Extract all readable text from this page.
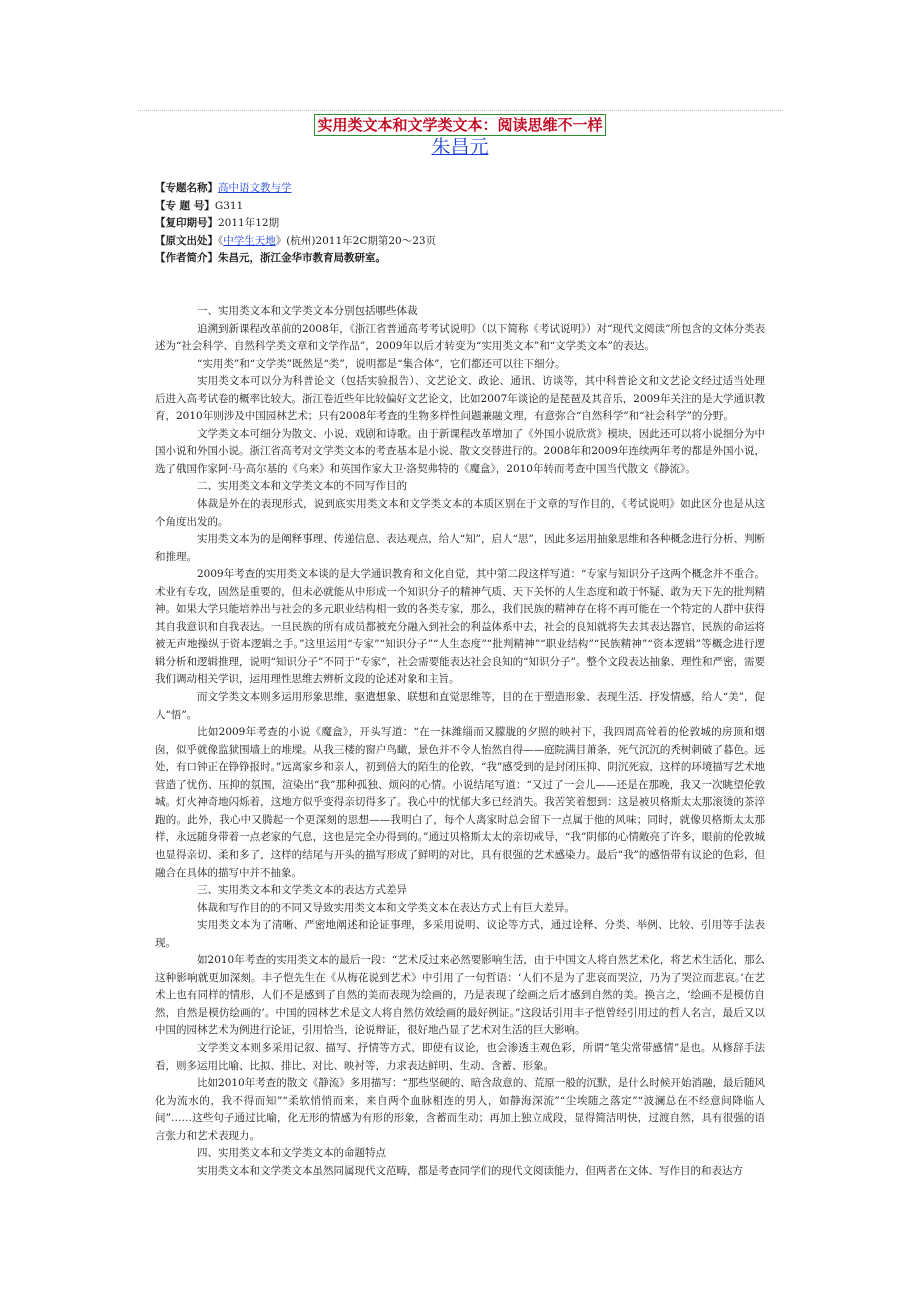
实用类文本和文学类文本：阅读思维不一样
朱昌元
【专题名称】高中语文教与学
【专 题 号】G311
【复印期号】2011年12期
【原文出处】《中学生天地》(杭州)2011年2C期第20～23页
【作者简介】朱昌元，浙江金华市教育局教研室。

一、实用类文本和文学类文本分别包括哪些体裁

追溯到新课程改革前的2008年，《浙江省普通高考考试说明》（以下简称《考试说明》）对“现代文阅读”所包含的文体分类表述为“社会科学、自然科学类文章和文学作品”，2009年以后才转变为“实用类文本”和“文学类文本”的表达。

“实用类”和“文学类”既然是“类”，说明都是“集合体”，它们都还可以往下细分。

实用类文本可以分为科普论文（包括实验报告）、文艺论文、政论、通讯、访谈等，其中科普论文和文艺论文经过适当处理后进入高考试卷的概率比较大。浙江卷近些年比较偏好文艺论文，比如2007年谈论的是琵琶及其音乐，2009年关注的是大学通识教育，2010年则涉及中国园林艺术；只有2008年考查的生物多样性问题兼融文理，有意弥合“自然科学”和“社会科学”的分野。

文学类文本可细分为散文、小说、戏剧和诗歌。由于新课程改革增加了《外国小说欣赏》模块，因此还可以将小说细分为中国小说和外国小说。浙江省高考对文学类文本的考查基本是小说、散文交替进行的。2008年和2009年连续两年考的都是外国小说，选了俄国作家阿·马·高尔基的《乌来》和英国作家大卫·洛契弗特的《魔盒》，2010年转而考查中国当代散文《静流》。

二、实用类文本和文学类文本的不同写作目的

体裁是外在的表现形式，说到底实用类文本和文学类文本的本质区别在于文章的写作目的，《考试说明》如此区分也是从这个角度出发的。

实用类文本为的是阐释事理、传递信息、表达观点，给人“知”，启人“思”，因此多运用抽象思维和各种概念进行分析、判断和推理。

2009年考查的实用类文本谈的是大学通识教育和文化自觉，其中第二段这样写道：“专家与知识分子这两个概念并不重合。术业有专攻，固然是重要的，但未必就能从中形成一个知识分子的精神气质、天下关怀的人生态度和敢于怀疑、敢为天下先的批判精神。如果大学只能培养出与社会的多元职业结构相一致的各类专家，那么，我们民族的精神存在将不再可能在一个特定的人群中获得其自我意识和自我表达。一旦民族的所有成员都被充分融入到社会的利益体系中去，社会的良知就将失去其表达器官，民族的命运将被无声地操纵于资本逻辑之手。”这里运用“专家”“知识分子”“人生态度”“批判精神”“职业结构”“民族精神”“资本逻辑”等概念进行逻辑分析和逻辑推理，说明“知识分子”不同于“专家”，社会需要能表达社会良知的“知识分子”。整个文段表达抽象、理性和严密，需要我们调动相关学识，运用理性思维去辨析文段的论述对象和主旨。

而文学类文本则多运用形象思维，驱遣想象、联想和直觉思维等，目的在于塑造形象、表现生活、抒发情感，给人“美”，促人“悟”。

比如2009年考查的小说《魔盒》，开头写道：“在一抹潍缁而又朦胧的夕照的映衬下，我四周高耸着的伦敦城的房顶和烟囱，似乎就像监狱围墙上的堆墚。从我三楼的窗户鸟瞰，景色并不令人怡然自得——庭院满目萧条，死气沉沉的秃树刺破了暮色。远处，有口钟正在铮铮报时。”远离家乡和亲人，初到倍大的陌生的伦敦，“我”感受到的是封闭压抑、阴沉死寂，这样的环境描写艺术地营造了忧伤、压抑的氛围，渲染出“我”那种孤独、烦闷的心情。小说结尾写道：“又过了一会儿——还是在那晚，我又一次眺望伦敦城。灯火神奇地闪烁着，这地方似乎变得亲切得多了。我心中的忧郁大多已经消失。我苦笑着想到：这是被贝格斯太太那滚烫的茶淬跑的。此外，我心中又腾起一个更深刻的思想——我明白了，每个人离家时总会留下一点属于他的风味；同时，就像贝格斯太太那样，永远随身带着一点老家的气息，这也是完全办得到的。”通过贝格斯太太的亲切戒导，“我”阴郁的心情敞亮了许多，眼前的伦敦城也显得亲切、柔和多了，这样的结尾与开头的描写形成了鲜明的对比，具有很强的艺术感染力。最后“我”的感悟带有议论的色彩，但融合在具体的描写中并不抽象。

三、实用类文本和文学类文本的表达方式差异

体裁和写作目的的不同又导致实用类文本和文学类文本在表达方式上有巨大差异。

实用类文本为了清晰、严密地阐述和论证事理，多采用说明、议论等方式，通过诠释、分类、举例、比较、引用等手法表现。

如2010年考查的实用类文本的最后一段：“艺术反过来必然要影响生活，由于中国文人将自然艺术化，将艺术生活化，那么这种影响就更加深刻。丰子恺先生在《从梅花说到艺术》中引用了一句哲语：‘人们不是为了悲哀而哭泣，乃为了哭泣而悲哀。’在艺术上也有同样的情形，人们不是感到了自然的美而表现为绘画的，乃是表现了绘画之后才感到自然的美。换言之，‘绘画不是模仿自然，自然是模仿绘画的’。中国的园林艺术是文人将自然仿效绘画的最好例证。”这段话引用丰子恺曾经引用过的哲人名言，最后又以中国的园林艺术为例进行论证，引用恰当，论说辩证，很好地凸显了艺术对生活的巨大影响。

文学类文本则多采用记叙、描写、抒情等方式，即使有议论，也会渗透主观色彩，所谓“笔尖常带感情”是也。从修辞手法看，则多运用比喻、比拟、排比、对比、映衬等，力求表达鲜明、生动、含蓄、形象。

比如2010年考查的散文《静流》多用描写：“那些坚硬的、暗含敌意的、荒原一般的沉默，是什么时候开始消融，最后随风化为流水的，我不得而知”“柔软悄悄而来，来自两个血脉相连的男人，如静海深流”“尘埃随之落定”“波澜总在不经意间降临人间”……这些句子通过比喻，化无形的情感为有形的形象，含蓄而生动；再加上独立成段，显得简洁明快，过渡自然，具有很强的语言张力和艺术表现力。

四、实用类文本和文学类文本的命题特点

实用类文本和文学类文本虽然同属现代文范畴，都是考查同学们的现代文阅读能力，但两者在文体、写作目的和表达方
